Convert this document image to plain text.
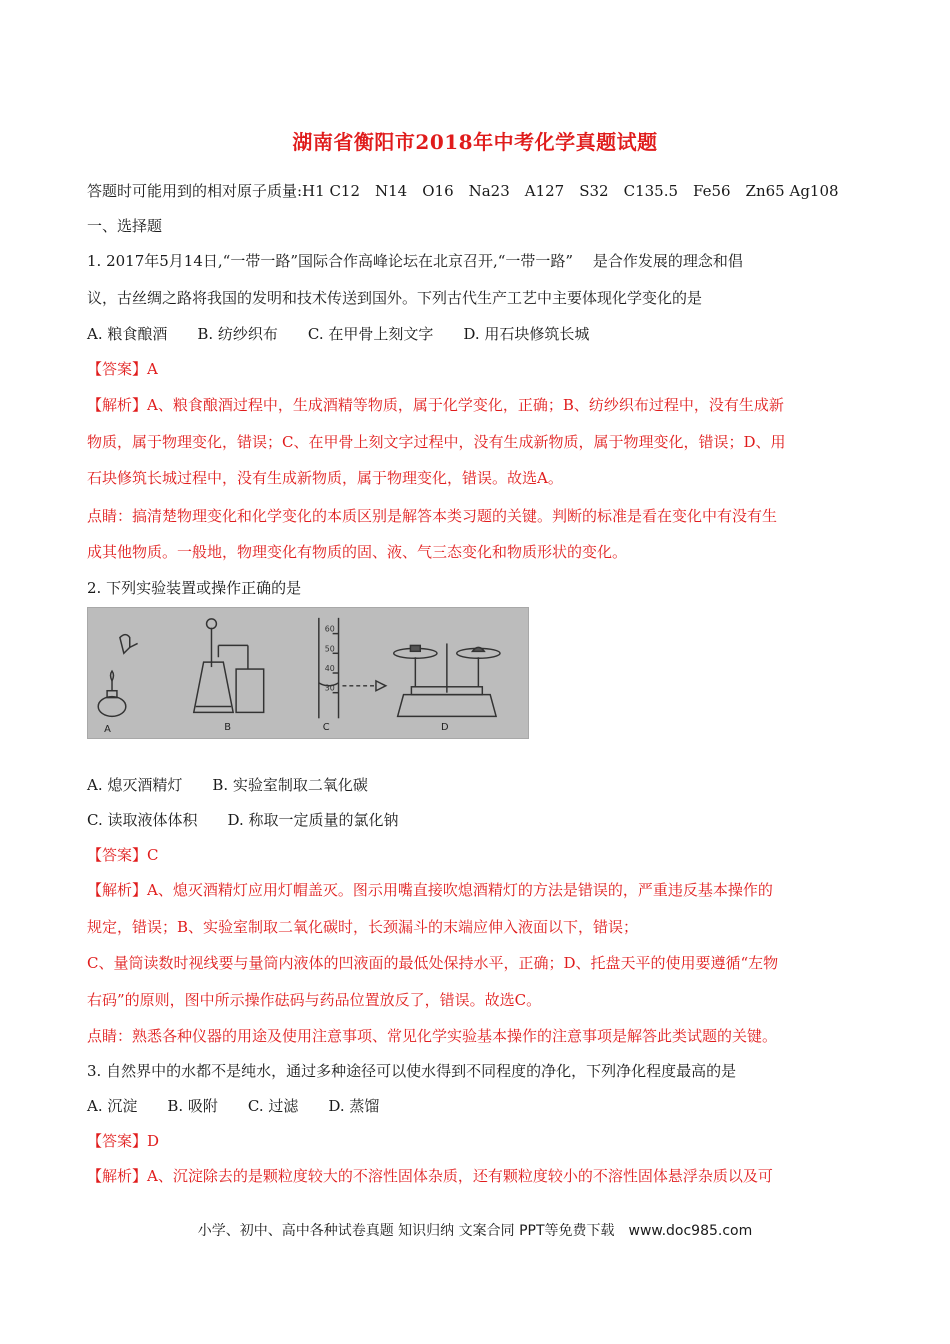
湖南省衡阳市2018年中考化学真题试题
答题时可能用到的相对原子质量:H1 C12　N14　O16　Na23　A127　S32　C135.5　Fe56　Zn65 Ag108
一、选择题
1. 2017年5月14日,“一带一路”国际合作高峰论坛在北京召开,“一带一路”　 是合作发展的理念和倡
议，古丝绸之路将我国的发明和技术传送到国外。下列古代生产工艺中主要体现化学变化的是
A. 粮食酿酒　　B. 纺纱织布　　C. 在甲骨上刻文字　　D. 用石块修筑长城
【答案】A
【解析】A、粮食酿酒过程中，生成酒精等物质，属于化学变化，正确；B、纺纱织布过程中，没有生成新
物质，属于物理变化，错误；C、在甲骨上刻文字过程中，没有生成新物质，属于物理变化，错误；D、用
石块修筑长城过程中，没有生成新物质，属于物理变化，错误。故选A。
点睛：搞清楚物理变化和化学变化的本质区别是解答本类习题的关键。判断的标准是看在变化中有没有生
成其他物质。一般地，物理变化有物质的固、液、气三态变化和物质形状的变化。
2. 下列实验装置或操作正确的是
60
50
40
30
A	B	C	D
A. 熄灭酒精灯　　B. 实验室制取二氧化碳
C. 读取液体体积　　D. 称取一定质量的氯化钠
【答案】C
【解析】A、熄灭酒精灯应用灯帽盖灭。图示用嘴直接吹熄酒精灯的方法是错误的，严重违反基本操作的
规定，错误；B、实验室制取二氧化碳时，长颈漏斗的末端应伸入液面以下，错误；
C、量筒读数时视线要与量筒内液体的凹液面的最低处保持水平，正确；D、托盘天平的使用要遵循“左物
右码”的原则，图中所示操作砝码与药品位置放反了，错误。故选C。
点睛：熟悉各种仪器的用途及使用注意事项、常见化学实验基本操作的注意事项是解答此类试题的关键。
3. 自然界中的水都不是纯水，通过多种途径可以使水得到不同程度的净化，下列净化程度最高的是
A. 沉淀　　B. 吸附　　C. 过滤　　D. 蒸馏
【答案】D
【解析】A、沉淀除去的是颗粒度较大的不溶性固体杂质，还有颗粒度较小的不溶性固体悬浮杂质以及可
小学、初中、高中各种试卷真题 知识归纳 文案合同 PPT等免费下载　www.doc985.com
